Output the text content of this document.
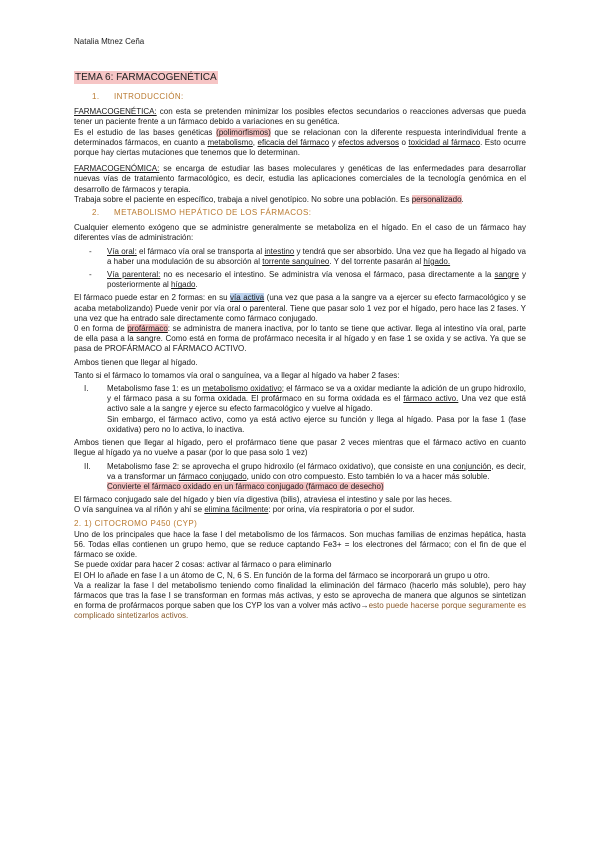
Natalia Mtnez Ceña
TEMA 6: FARMACOGENÉTICA
1. INTRODUCCIÓN:

FARMACOGENÉTICA: con esta se pretenden minimizar los posibles efectos secundarios o reacciones adversas que pueda tener un paciente frente a un fármaco debido a variaciones en su genética.

Es el estudio de las bases genéticas (polimorfismos) que se relacionan con la diferente respuesta interindividual frente a determinados fármacos, en cuanto a metabolismo, eficacia del fármaco y efectos adversos o toxicidad al fármaco. Esto ocurre porque hay ciertas mutaciones que tenemos que lo determinan.

FARMACOGENÓMICA: se encarga de estudiar las bases moleculares y genéticas de las enfermedades para desarrollar nuevas vías de tratamiento farmacológico, es decir, estudia las aplicaciones comerciales de la tecnología genómica en el desarrollo de fármacos y terapia.

Trabaja sobre el paciente en específico, trabaja a nivel genotípico. No sobre una población. Es personalizado.

2. METABOLISMO HEPÁTICO DE LOS FÁRMACOS:

Cualquier elemento exógeno que se administre generalmente se metaboliza en el hígado. En el caso de un fármaco hay diferentes vías de administración:

- Vía oral: el fármaco vía oral se transporta al intestino y tendrá que ser absorbido. Una vez que ha llegado al hígado va a haber una modulación de su absorción al torrente sanguíneo. Y del torrente pasarán al hígado.
- Vía parenteral: no es necesario el intestino. Se administra vía venosa el fármaco, pasa directamente a la sangre y posteriormente al hígado.

El fármaco puede estar en 2 formas: en su vía activa (una vez que pasa a la sangre va a ejercer su efecto farmacológico y se acaba metabolizando) Puede venir por vía oral o parenteral. Tiene que pasar solo 1 vez por el hígado, pero hace las 2 fases. Y una vez que ha entrado sale directamente como fármaco conjugado.

0 en forma de profármaco: se administra de manera inactiva, por lo tanto se tiene que activar. llega al intestino vía oral, parte de ella pasa a la sangre. Como está en forma de profármaco necesita ir al hígado y en fase 1 se oxida y se activa. Ya que se pasa de PROFÁRMACO al FÁRMACO ACTIVO.

Ambos tienen que llegar al hígado.

Tanto si el fármaco lo tomamos vía oral o sanguínea, va a llegar al hígado va haber 2 fases:

I. Metabolismo fase 1: es un metabolismo oxidativo; el fármaco se va a oxidar mediante la adición de un grupo hidroxilo, y el fármaco pasa a su forma oxidada. El profármaco en su forma oxidada es el fármaco activo. Una vez que está activo sale a la sangre y ejerce su efecto farmacológico y vuelve al hígado.
Sin embargo, el fármaco activo, como ya está activo ejerce su función y llega al hígado. Pasa por la fase 1 (fase oxidativa) pero no lo activa, lo inactiva.

Ambos tienen que llegar al hígado, pero el profármaco tiene que pasar 2 veces mientras que el fármaco activo en cuanto llegue al hígado ya no vuelve a pasar (por lo que pasa solo 1 vez)

II. Metabolismo fase 2: se aprovecha el grupo hidroxilo (el fármaco oxidativo), que consiste en una conjunción, es decir, va a transformar un fármaco conjugado, unido con otro compuesto. Esto también lo va a hacer más soluble.
Convierte el fármaco oxidado en un fármaco conjugado (fármaco de desecho)

El fármaco conjugado sale del hígado y bien vía digestiva (bilis), atraviesa el intestino y sale por las heces.

O vía sanguínea va al riñón y ahí se elimina fácilmente: por orina, vía respiratoria o por el sudor.

2. 1) CITOCROMO P450 (CYP)

Uno de los principales que hace la fase I del metabolismo de los fármacos. Son muchas familias de enzimas hepática, hasta 56. Todas ellas contienen un grupo hemo, que se reduce captando Fe3+ = los electrones del fármaco; con el fin de que el fármaco se oxide.

Se puede oxidar para hacer 2 cosas: activar al fármaco o para eliminarlo

El OH lo añade en fase I a un átomo de C, N, 6 S. En función de la forma del fármaco se incorporará un grupo u otro.

Va a realizar la fase I del metabolismo teniendo como finalidad la eliminación del fármaco (hacerlo más soluble), pero hay fármacos que tras la fase I se transforman en formas más activas, y esto se aprovecha de manera que algunos se sintetizan en forma de profármacos porque saben que los CYP los van a volver más activo→esto puede hacerse porque seguramente es complicado sintetizarlos activos.
